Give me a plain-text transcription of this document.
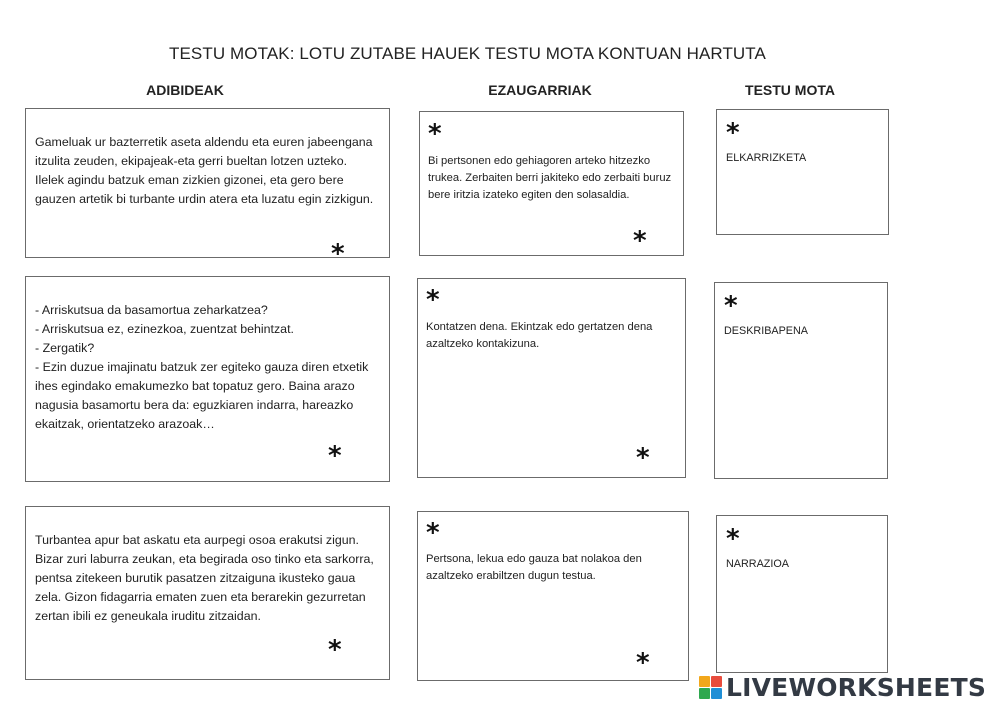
TESTU MOTAK: LOTU ZUTABE HAUEK TESTU MOTA KONTUAN HARTUTA
ADIBIDEAK	EZAUGARRIAK	TESTU MOTA

Gameluak ur bazterretik aseta aldendu eta euren jabeengana itzulita zeuden, ekipajeak-eta gerri bueltan lotzen uzteko. Ilelek agindu batzuk eman zizkien gizonei, eta gero bere gauzen artetik bi turbante urdin atera eta luzatu egin zizkigun.

*
*
Bi pertsonen edo gehiagoren arteko hitzezko trukea. Zerbaiten berri jakiteko edo zerbaiti buruz bere iritzia izateko egiten den solasaldia.
*
*
ELKARRIZKETA

- Arriskutsua da basamortua zeharkatzea?

- Arriskutsua ez, ezinezkoa, zuentzat behintzat.

- Zergatik?

- Ezin duzue imajinatu batzuk zer egiteko gauza diren etxetik ihes egindako emakumezko bat topatuz gero. Baina arazo nagusia basamortu bera da: eguzkiaren indarra, hareazko ekaitzak, orientatzeko arazoak…

*
*
Kontatzen dena. Ekintzak edo gertatzen dena azaltzeko kontakizuna.
*
*
DESKRIBAPENA

Turbantea apur bat askatu eta aurpegi osoa erakutsi zigun. Bizar zuri laburra zeukan, eta begirada oso tinko eta sarkorra, pentsa zitekeen burutik pasatzen zitzaiguna ikusteko gaua zela. Gizon fidagarria ematen zuen eta berarekin gezurretan zertan ibili ez geneukala iruditu zitzaidan.

*
*
Pertsona, lekua edo gauza bat nolakoa den azaltzeko erabiltzen dugun testua.
*
*
NARRAZIOA
LIVEWORKSHEETS
